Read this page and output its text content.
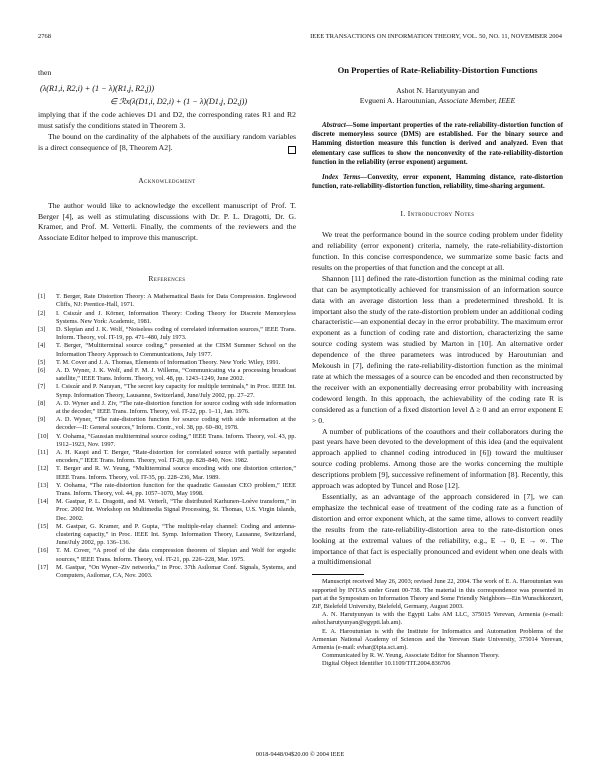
2768	IEEE TRANSACTIONS ON INFORMATION THEORY, VOL. 50, NO. 11, NOVEMBER 2004

then

(λ(R1,i, R2,i) + (1 − λ)(R1,j, R2,j))
∈ ℛx(λ(D1,i, D2,i) + (1 − λ)(D1,j, D2,j))

implying that if the code achieves D1 and D2, the corresponding rates R1 and R2 must satisfy the conditions stated in Theorem 3.

The bound on the cardinality of the alphabets of the auxiliary random variables is a direct consequence of [8, Theorem A2].

Acknowledgment

The author would like to acknowledge the excellent manuscript of Prof. T. Berger [4], as well as stimulating discussions with Dr. P. L. Dragotti, Dr. G. Kramer, and Prof. M. Vetterli. Finally, the comments of the reviewers and the Associate Editor helped to improve this manuscript.

References

[1] T. Berger, Rate Distortion Theory: A Mathematical Basis for Data Compression. Englewood Cliffs, NJ: Prentice-Hall, 1971.
[2] I. Csiszár and J. Körner, Information Theory: Coding Theory for Discrete Memoryless Systems. New York: Academic, 1981.
[3] D. Slepian and J. K. Wolf, “Noiseless coding of correlated information sources,” IEEE Trans. Inform. Theory, vol. IT-19, pp. 471–480, July 1973.
[4] T. Berger, “Multiterminal source coding,” presented at the CISM Summer School on the Information Theory Approach to Communications, July 1977.
[5] T. M. Cover and J. A. Thomas, Elements of Information Theory. New York: Wiley, 1991.
[6] A. D. Wyner, J. K. Wolf, and F. M. J. Willems, “Communicating via a processing broadcast satellite,” IEEE Trans. Inform. Theory, vol. 48, pp. 1243–1249, June 2002.
[7] I. Csiszár and P. Narayan, “The secret key capacity for multiple terminals,” in Proc. IEEE Int. Symp. Information Theory, Lausanne, Switzerland, June/July 2002, pp. 27–27.
[8] A. D. Wyner and J. Ziv, “The rate-distortion function for source coding with side information at the decoder,” IEEE Trans. Inform. Theory, vol. IT-22, pp. 1–11, Jan. 1976.
[9] A. D. Wyner, “The rate-distortion function for source coding with side information at the decoder—II: General sources,” Inform. Contr., vol. 38, pp. 60–80, 1978.
[10] Y. Oohama, “Gaussian multiterminal source coding,” IEEE Trans. Inform. Theory, vol. 43, pp. 1912–1923, Nov. 1997.
[11] A. H. Kaspi and T. Berger, “Rate-distortion for correlated source with partially separated encoders,” IEEE Trans. Inform. Theory, vol. IT-28, pp. 828–840, Nov. 1982.
[12] T. Berger and R. W. Yeung, “Multiterminal source encoding with one distortion criterion,” IEEE Trans. Inform. Theory, vol. IT-35, pp. 228–236, Mar. 1989.
[13] Y. Oohama, “The rate-distortion function for the quadratic Gaussian CEO problem,” IEEE Trans. Inform. Theory, vol. 44, pp. 1057–1070, May 1998.
[14] M. Gastpar, P. L. Dragotti, and M. Vetterli, “The distributed Karhunen–Loève transform,” in Proc. 2002 Int. Workshop on Multimedia Signal Processing, St. Thomas, U.S. Virgin Islands, Dec. 2002.
[15] M. Gastpar, G. Kramer, and P. Gupta, “The multiple-relay channel: Coding and antenna-clustering capacity,” in Proc. IEEE Int. Symp. Information Theory, Lausanne, Switzerland, June/July 2002, pp. 136–136.
[16] T. M. Cover, “A proof of the data compression theorem of Slepian and Wolf for ergodic sources,” IEEE Trans. Inform. Theory, vol. IT-21, pp. 226–228, Mar. 1975.
[17] M. Gastpar, “On Wyner–Ziv networks,” in Proc. 37th Asilomar Conf. Signals, Systems, and Computers, Asilomar, CA, Nov. 2003.

On Properties of Rate-Reliability-Distortion Functions

Ashot N. Harutyunyan and

Evgueni A. Haroutunian, Associate Member, IEEE

Abstract—Some important properties of the rate-reliability-distortion function of discrete memoryless source (DMS) are established. For the binary source and Hamming distortion measure this function is derived and analyzed. Even that elementary case suffices to show the nonconvexity of the rate-reliability-distortion function in the reliability (error exponent) argument.

Index Terms—Convexity, error exponent, Hamming distance, rate-distortion function, rate-reliability-distortion function, reliability, time-sharing argument.

I. Introductory Notes

We treat the performance bound in the source coding problem under fidelity and reliability (error exponent) criteria, namely, the rate-reliability-distortion function. In this concise correspondence, we summarize some basic facts and results on the properties of that function and the concept at all.

Shannon [11] defined the rate-distortion function as the minimal coding rate that can be asymptotically achieved for transmission of an information source data with an average distortion less than a predetermined threshold. It is important also the study of the rate-distortion problem under an additional coding characteristic—an exponential decay in the error probability. The maximum error exponent as a function of coding rate and distortion, characterizing the same source coding system was studied by Marton in [10]. An alternative order dependence of the three parameters was introduced by Haroutunian and Mekoush in [7], defining the rate-reliability-distortion function as the minimal rate at which the messages of a source can be encoded and then reconstructed by the receiver with an exponentially decreasing error probability with increasing codeword length. In this approach, the achievability of the coding rate R is considered as a function of a fixed distortion level Δ ≥ 0 and an error exponent E > 0.

A number of publications of the coauthors and their collaborators during the past years have been devoted to the development of this idea (and the equivalent approach applied to channel coding introduced in [6]) toward the multiuser source coding problems. Among those are the works concerning the multiple descriptions problem [9], successive refinement of information [8]. Recently, this approach was adopted by Tuncel and Rose [12].

Essentially, as an advantage of the approach considered in [7], we can emphasize the technical ease of treatment of the coding rate as a function of distortion and error exponent which, at the same time, allows to convert readily the results from the rate-reliability-distortion area to the rate-distortion ones looking at the extremal values of the reliability, e.g., E → 0, E → ∞. The importance of that fact is especially pronounced and evident when one deals with a multidimensional

Manuscript received May 26, 2003; revised June 22, 2004. The work of E. A. Haroutunian was supported by INTAS under Grant 00-738. The material in this correspondence was presented in part at the Symposium on Information Theory and Some Friendly Neighbors—Ein Wunschkonzert, ZiF, Bielefeld University, Bielefeld, Germany, August 2003.

A. N. Harutyunyan is with the Egypti Labs AM LLC, 375015 Yerevan, Armenia (e-mail: ashot.harutyunyan@egypti.lab.am).

E. A. Haroutunian is with the Institute for Informatics and Automation Problems of the Armenian National Academy of Sciences and the Yerevan State University, 375014 Yerevan, Armenia (e-mail: evhar@ipia.sci.am).

Communicated by R. W. Yeung, Associate Editor for Shannon Theory.

Digital Object Identifier 10.1109/TIT.2004.836706

0018-9448/04$20.00 © 2004 IEEE
